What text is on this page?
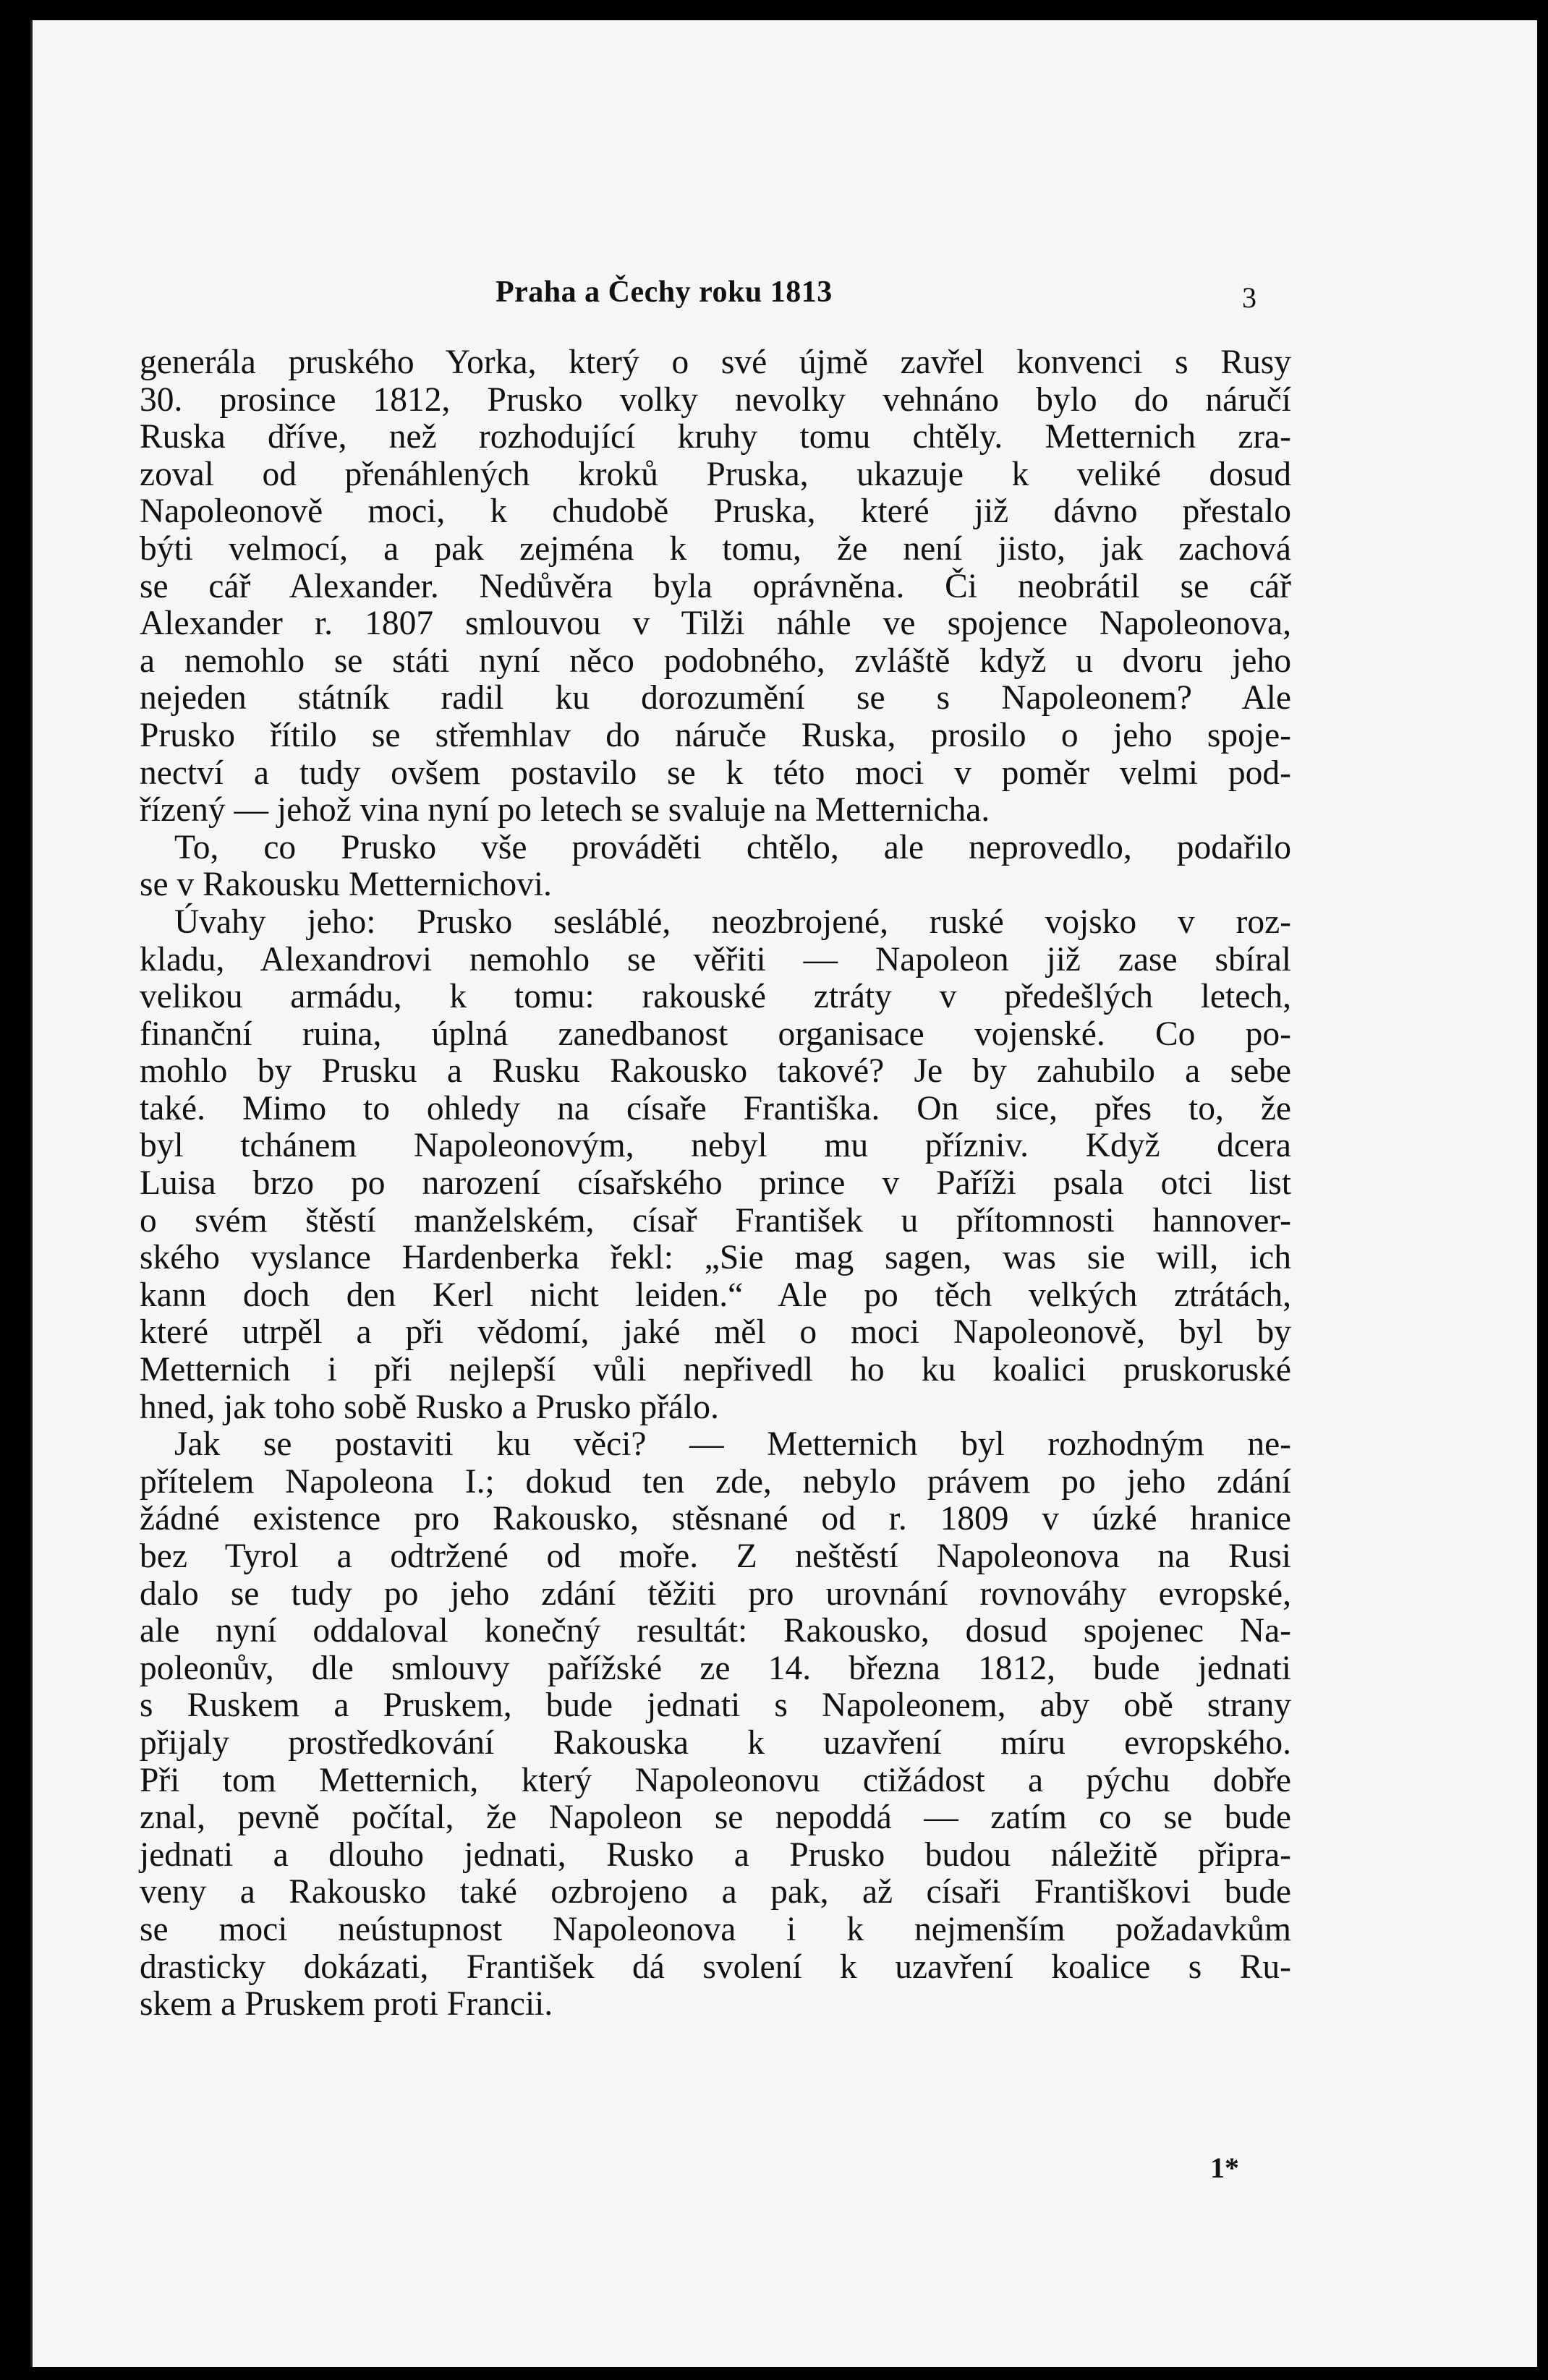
Praha a Čechy roku 1813	3
generála pruského Yorka, který o své újmě zavřel konvenci s Rusy
30. prosince 1812, Prusko volky nevolky vehnáno bylo do náručí
Ruska dříve, než rozhodující kruhy tomu chtěly. Metternich zra-
zoval od přenáhlených kroků Pruska, ukazuje k veliké dosud
Napoleonově moci, k chudobě Pruska, které již dávno přestalo
býti velmocí, a pak zejména k tomu, že není jisto, jak zachová
se cář Alexander. Nedůvěra byla oprávněna. Či neobrátil se cář
Alexander r. 1807 smlouvou v Tilži náhle ve spojence Napoleonova,
a nemohlo se státi nyní něco podobného, zvláště když u dvoru jeho
nejeden státník radil ku dorozumění se s Napoleonem? Ale
Prusko řítilo se střemhlav do náruče Ruska, prosilo o jeho spoje-
nectví a tudy ovšem postavilo se k této moci v poměr velmi pod-
řízený — jehož vina nyní po letech se svaluje na Metternicha.
To, co Prusko vše prováděti chtělo, ale neprovedlo, podařilo
se v Rakousku Metternichovi.
Úvahy jeho: Prusko sesláblé, neozbrojené, ruské vojsko v roz-
kladu, Alexandrovi nemohlo se věřiti — Napoleon již zase sbíral
velikou armádu, k tomu: rakouské ztráty v předešlých letech,
finanční ruina, úplná zanedbanost organisace vojenské. Co po-
mohlo by Prusku a Rusku Rakousko takové? Je by zahubilo a sebe
také. Mimo to ohledy na císaře Františka. On sice, přes to, že
byl tchánem Napoleonovým, nebyl mu přízniv. Když dcera
Luisa brzo po narození císařského prince v Paříži psala otci list
o svém štěstí manželském, císař František u přítomnosti hannover-
ského vyslance Hardenberka řekl: „Sie mag sagen, was sie will, ich
kann doch den Kerl nicht leiden.“ Ale po těch velkých ztrátách,
které utrpěl a při vědomí, jaké měl o moci Napoleonově, byl by
Metternich i při nejlepší vůli nepřivedl ho ku koalici pruskoruské
hned, jak toho sobě Rusko a Prusko přálo.
Jak se postaviti ku věci? — Metternich byl rozhodným ne-
přítelem Napoleona I.; dokud ten zde, nebylo právem po jeho zdání
žádné existence pro Rakousko, stěsnané od r. 1809 v úzké hranice
bez Tyrol a odtržené od moře. Z neštěstí Napoleonova na Rusi
dalo se tudy po jeho zdání těžiti pro urovnání rovnováhy evropské,
ale nyní oddaloval konečný resultát: Rakousko, dosud spojenec Na-
poleonův, dle smlouvy pařížské ze 14. března 1812, bude jednati
s Ruskem a Pruskem, bude jednati s Napoleonem, aby obě strany
přijaly prostředkování Rakouska k uzavření míru evropského.
Při tom Metternich, který Napoleonovu ctižádost a pýchu dobře
znal, pevně počítal, že Napoleon se nepoddá — zatím co se bude
jednati a dlouho jednati, Rusko a Prusko budou náležitě připra-
veny a Rakousko také ozbrojeno a pak, až císaři Františkovi bude
se moci neústupnost Napoleonova i k nejmenším požadavkům
drasticky dokázati, František dá svolení k uzavření koalice s Ru-
skem a Pruskem proti Francii.
1*
